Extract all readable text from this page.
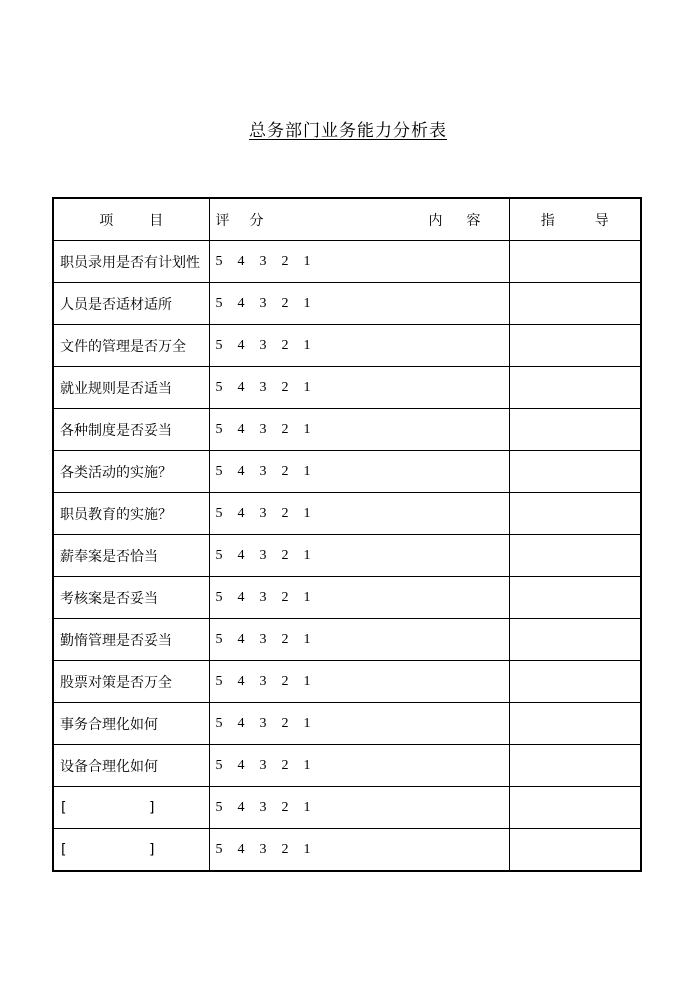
总务部门业务能力分析表
项 目	评 分 内 容	指 导
职员录用是否有计划性	5 4 3 2 1	
人员是否适材适所	5 4 3 2 1	
文件的管理是否万全	5 4 3 2 1	
就业规则是否适当	5 4 3 2 1	
各种制度是否妥当	5 4 3 2 1	
各类活动的实施？	5 4 3 2 1	
职员教育的实施？	5 4 3 2 1	
薪奉案是否恰当	5 4 3 2 1	
考核案是否妥当	5 4 3 2 1	
勤惰管理是否妥当	5 4 3 2 1	
股票对策是否万全	5 4 3 2 1	
事务合理化如何	5 4 3 2 1	
设备合理化如何	5 4 3 2 1	

[ ]	5 4 3 2 1	

[ ]	5 4 3 2 1	
